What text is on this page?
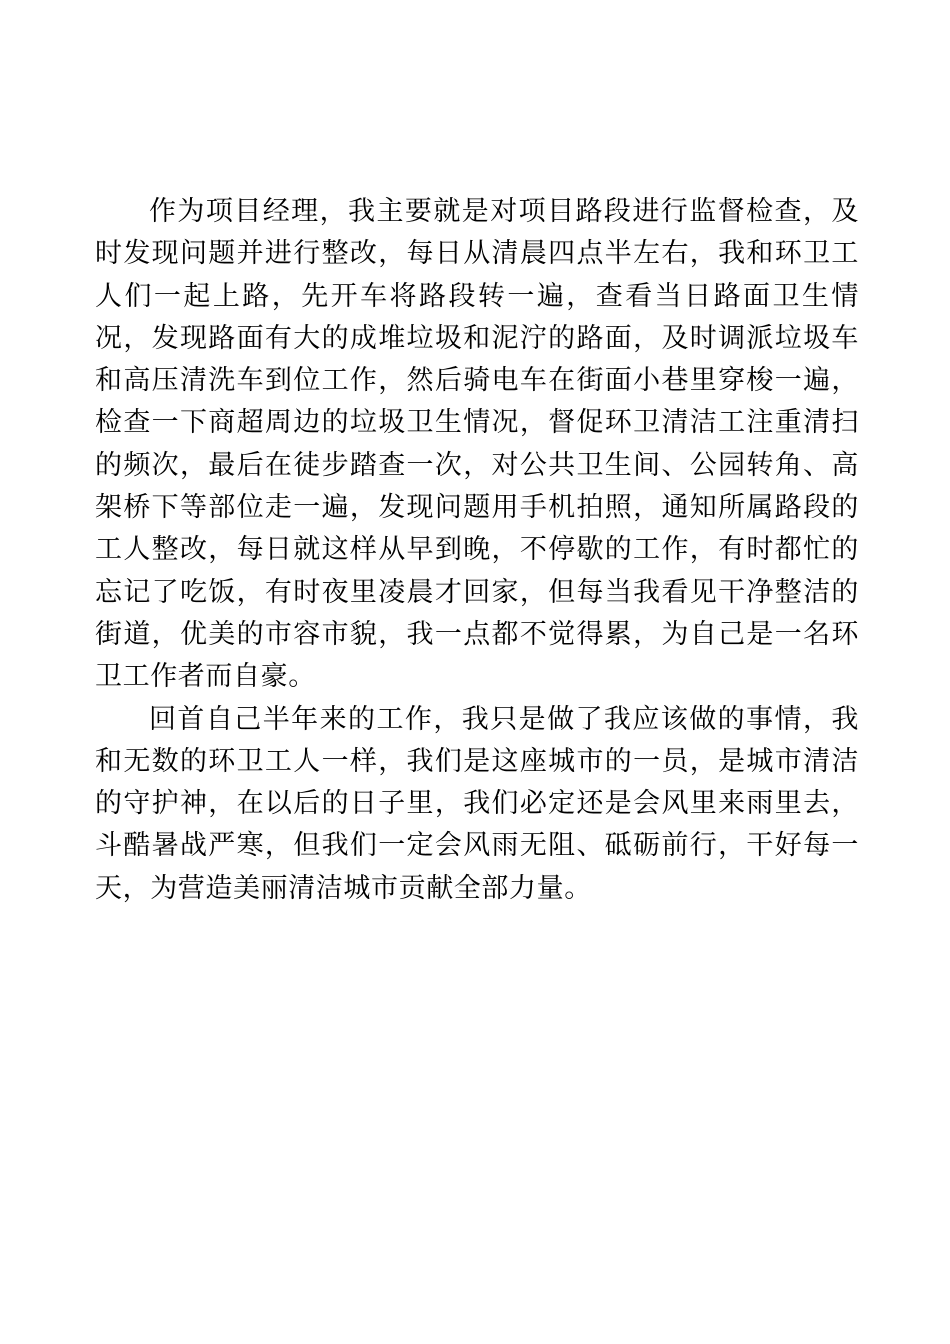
作为项目经理，我主要就是对项目路段进行监督检查，及时发现问题并进行整改，每日从清晨四点半左右，我和环卫工人们一起上路，先开车将路段转一遍，查看当日路面卫生情况，发现路面有大的成堆垃圾和泥泞的路面，及时调派垃圾车和高压清洗车到位工作，然后骑电车在街面小巷里穿梭一遍，检查一下商超周边的垃圾卫生情况，督促环卫清洁工注重清扫的频次，最后在徒步踏查一次，对公共卫生间、公园转角、高架桥下等部位走一遍，发现问题用手机拍照，通知所属路段的工人整改，每日就这样从早到晚，不停歇的工作，有时都忙的忘记了吃饭，有时夜里凌晨才回家，但每当我看见干净整洁的街道，优美的市容市貌，我一点都不觉得累，为自己是一名环卫工作者而自豪。

回首自己半年来的工作，我只是做了我应该做的事情，我和无数的环卫工人一样，我们是这座城市的一员，是城市清洁的守护神，在以后的日子里，我们必定还是会风里来雨里去，斗酷暑战严寒，但我们一定会风雨无阻、砥砺前行，干好每一天，为营造美丽清洁城市贡献全部力量。
